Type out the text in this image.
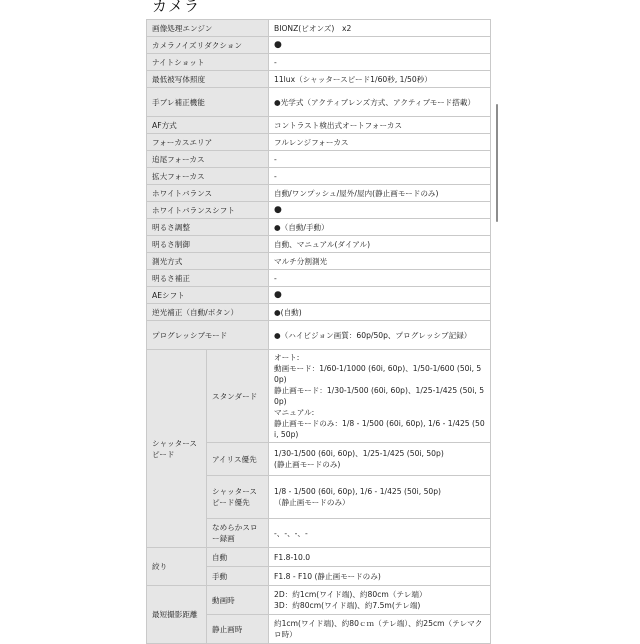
カメラ
画像処理エンジン		BIONZ(ビオンズ)　x2
カメラノイズリダクション		●
ナイトショット		-
最低被写体照度		11lux（シャッタースピード1/60秒, 1/50秒）
手ブレ補正機能		●光学式（アクティブレンズ方式、アクティブモード搭載）
AF方式		コントラスト検出式オートフォーカス
フォーカスエリア		フルレンジフォーカス
追尾フォーカス		-
拡大フォーカス		-
ホワイトバランス		自動/ワンプッシュ/屋外/屋内(静止画モードのみ)
ホワイトバランスシフト		●
明るさ調整		●（自動/手動）
明るさ制御		自動、マニュアル(ダイアル)
測光方式		マルチ分割測光
明るさ補正		-
AEシフト		●
逆光補正（自動/ボタン）		●(自動)
プログレッシブモード		●（ハイビジョン画質：60p/50p、プログレッシブ記録）
シャッタースピード	スタンダード	オート:
動画モード：1/60-1/1000 (60i, 60p)、1/50-1/600 (50i, 50p)
静止画モード：1/30-1/500 (60i, 60p)、1/25-1/425 (50i, 50p)
マニュアル:
静止画モードのみ：1/8 - 1/500 (60i, 60p), 1/6 - 1/425 (50i, 50p)
	アイリス優先	1/30-1/500 (60i, 60p)、1/25-1/425 (50i, 50p)
(静止画モードのみ)
	シャッタースピード優先	1/8 - 1/500 (60i, 60p), 1/6 - 1/425 (50i, 50p)
（静止画モードのみ）
	なめらかスロー録画	-、-、-、-
絞り	自動	F1.8-10.0
	手動	F1.8 - F10 (静止画モードのみ)
最短撮影距離	動画時	2D：約1cm(ワイド端)、約80cm（テレ端）
3D：約80cm(ワイド端)、約7.5m(テレ端)
	静止画時	約1cm(ワイド端)、約80ｃｍ（テレ端）、約25cm（テレマクロ時）
